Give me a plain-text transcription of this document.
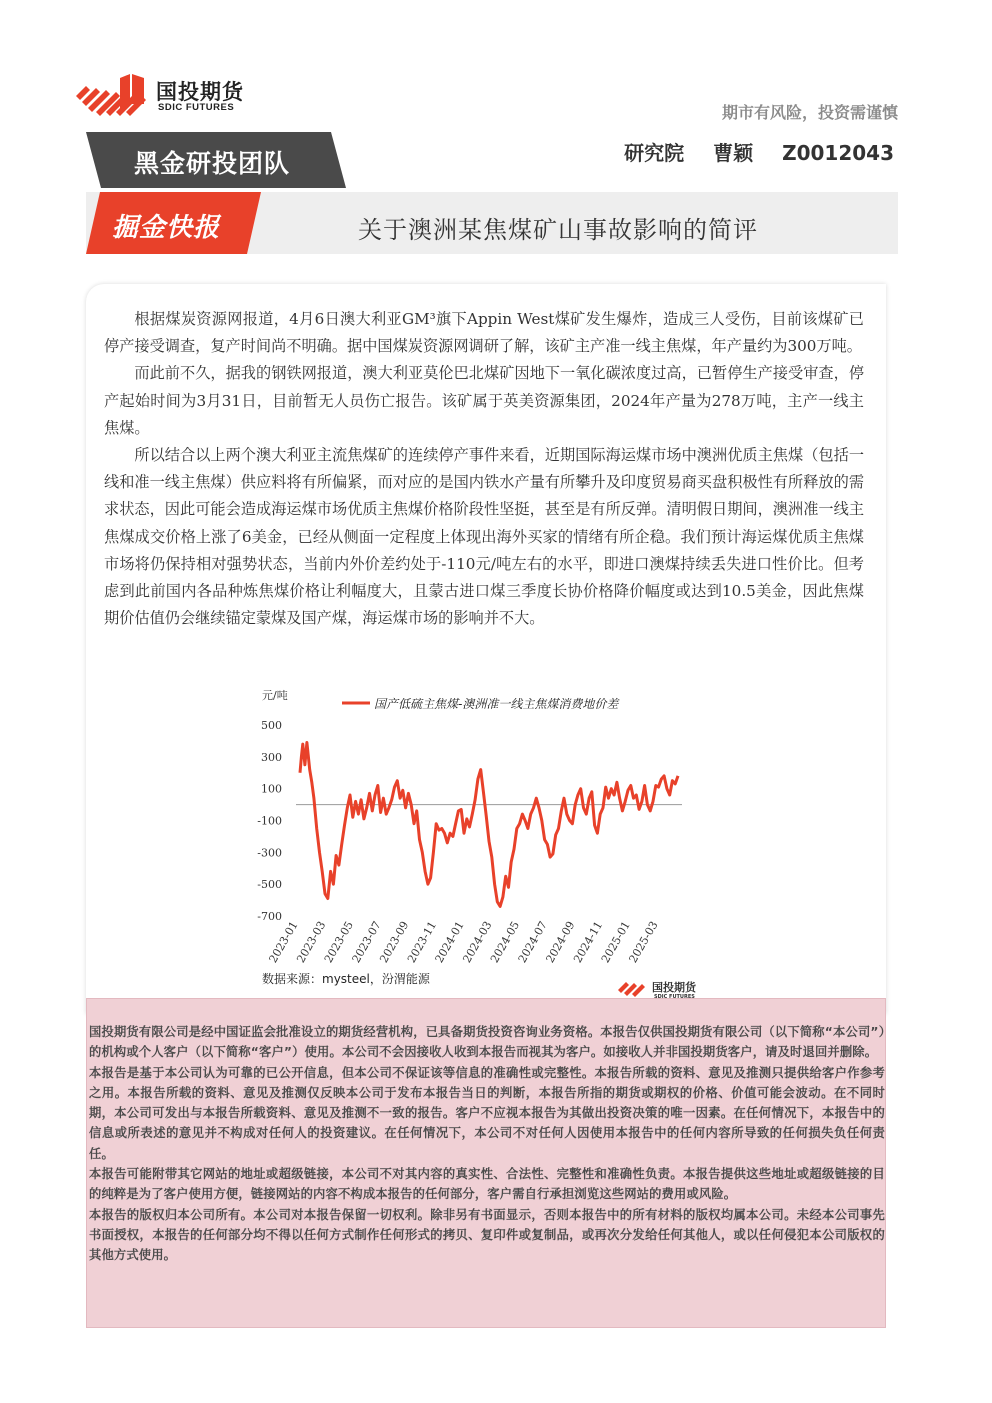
国投期货
SDIC FUTURES	期市有风险，投资需谨慎
研究院 曹颖 Z0012043
黑金研投团队
掘金快报	关于澳洲某焦煤矿山事故影响的简评

根据煤炭资源网报道，4月6日澳大利亚GM³旗下Appin West煤矿发生爆炸，造成三人受伤，目前该煤矿已停产接受调查，复产时间尚不明确。据中国煤炭资源网调研了解，该矿主产准一线主焦煤，年产量约为300万吨。

而此前不久，据我的钢铁网报道，澳大利亚莫伦巴北煤矿因地下一氧化碳浓度过高，已暂停生产接受审查，停产起始时间为3月31日，目前暂无人员伤亡报告。该矿属于英美资源集团，2024年产量为278万吨，主产一线主焦煤。

所以结合以上两个澳大利亚主流焦煤矿的连续停产事件来看，近期国际海运煤市场中澳洲优质主焦煤（包括一线和准一线主焦煤）供应料将有所偏紧，而对应的是国内铁水产量有所攀升及印度贸易商买盘积极性有所释放的需求状态，因此可能会造成海运煤市场优质主焦煤价格阶段性坚挺，甚至是有所反弹。清明假日期间，澳洲准一线主焦煤成交价格上涨了6美金，已经从侧面一定程度上体现出海外买家的情绪有所企稳。我们预计海运煤优质主焦煤市场将仍保持相对强势状态，当前内外价差约处于-110元/吨左右的水平，即进口澳煤持续丢失进口性价比。但考虑到此前国内各品种炼焦煤价格让利幅度大，且蒙古进口煤三季度长协价格降价幅度或达到10.5美金，因此焦煤期价估值仍会继续锚定蒙煤及国产煤，海运煤市场的影响并不大。

元/吨
国产低硫主焦煤-澳洲准一线主焦煤消费地价差
500
300
100
-100
-300
-500
-700
2023-01
2023-03
2023-05
2023-07
2023-09
2023-11
2024-01
2024-03
2024-05
2024-07
2024-09
2024-11
2025-01
2025-03
数据来源：mysteel，汾渭能源
国投期货
SDIC FUTURES

国投期货有限公司是经中国证监会批准设立的期货经营机构，已具备期货投资咨询业务资格。本报告仅供国投期货有限公司（以下简称“本公司”）的机构或个人客户（以下简称“客户”）使用。本公司不会因接收人收到本报告而视其为客户。如接收人并非国投期货客户，请及时退回并删除。

本报告是基于本公司认为可靠的已公开信息，但本公司不保证该等信息的准确性或完整性。本报告所载的资料、意见及推测只提供给客户作参考之用。本报告所载的资料、意见及推测仅反映本公司于发布本报告当日的判断，本报告所指的期货或期权的价格、价值可能会波动。在不同时期，本公司可发出与本报告所载资料、意见及推测不一致的报告。客户不应视本报告为其做出投资决策的唯一因素。在任何情况下，本报告中的信息或所表述的意见并不构成对任何人的投资建议。在任何情况下，本公司不对任何人因使用本报告中的任何内容所导致的任何损失负任何责任。

本报告可能附带其它网站的地址或超级链接，本公司不对其内容的真实性、合法性、完整性和准确性负责。本报告提供这些地址或超级链接的目的纯粹是为了客户使用方便，链接网站的内容不构成本报告的任何部分，客户需自行承担浏览这些网站的费用或风险。

本报告的版权归本公司所有。本公司对本报告保留一切权利。除非另有书面显示，否则本报告中的所有材料的版权均属本公司。未经本公司事先书面授权，本报告的任何部分均不得以任何方式制作任何形式的拷贝、复印件或复制品，或再次分发给任何其他人，或以任何侵犯本公司版权的其他方式使用。
